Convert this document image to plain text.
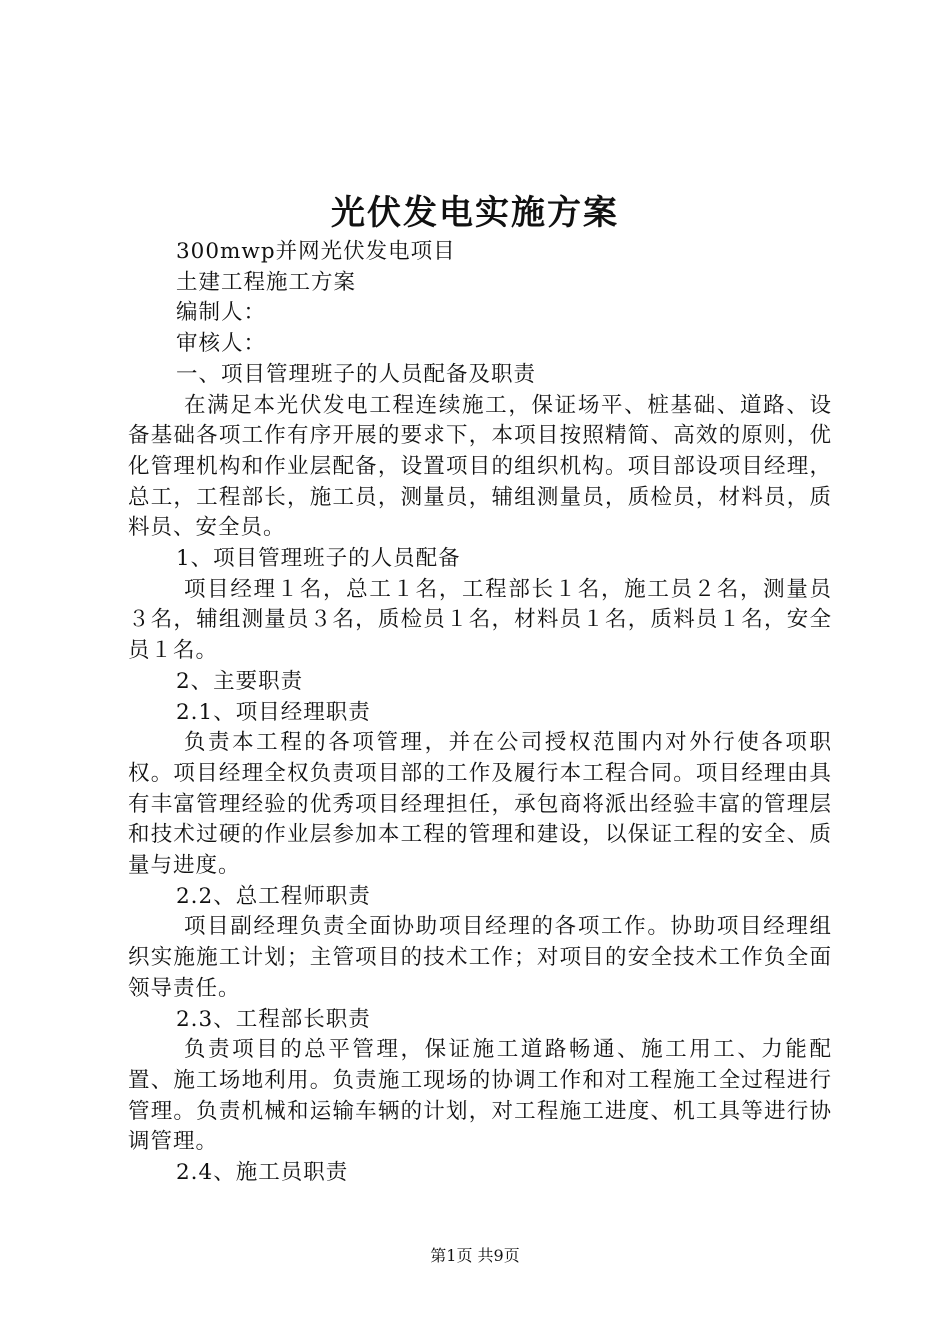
光伏发电实施方案

300mwp并网光伏发电项目

土建工程施工方案

编制人：

审核人：

一、项目管理班子的人员配备及职责

在满足本光伏发电工程连续施工，保证场平、桩基础、道路、设备基础各项工作有序开展的要求下，本项目按照精简、高效的原则，优化管理机构和作业层配备，设置项目的组织机构。项目部设项目经理，总工，工程部长，施工员，测量员，辅组测量员，质检员，材料员，质料员、安全员。

1、项目管理班子的人员配备

项目经理１名，总工１名，工程部长１名，施工员２名，测量员３名，辅组测量员３名，质检员１名，材料员１名，质料员１名，安全员１名。

2、主要职责

2.1、项目经理职责

负责本工程的各项管理，并在公司授权范围内对外行使各项职权。项目经理全权负责项目部的工作及履行本工程合同。项目经理由具有丰富管理经验的优秀项目经理担任，承包商将派出经验丰富的管理层和技术过硬的作业层参加本工程的管理和建设，以保证工程的安全、质量与进度。

2.2、总工程师职责

项目副经理负责全面协助项目经理的各项工作。协助项目经理组织实施施工计划；主管项目的技术工作；对项目的安全技术工作负全面领导责任。

2.3、工程部长职责

负责项目的总平管理，保证施工道路畅通、施工用工、力能配置、施工场地利用。负责施工现场的协调工作和对工程施工全过程进行管理。负责机械和运输车辆的计划，对工程施工进度、机工具等进行协调管理。

2.4、施工员职责

第1页 共9页
